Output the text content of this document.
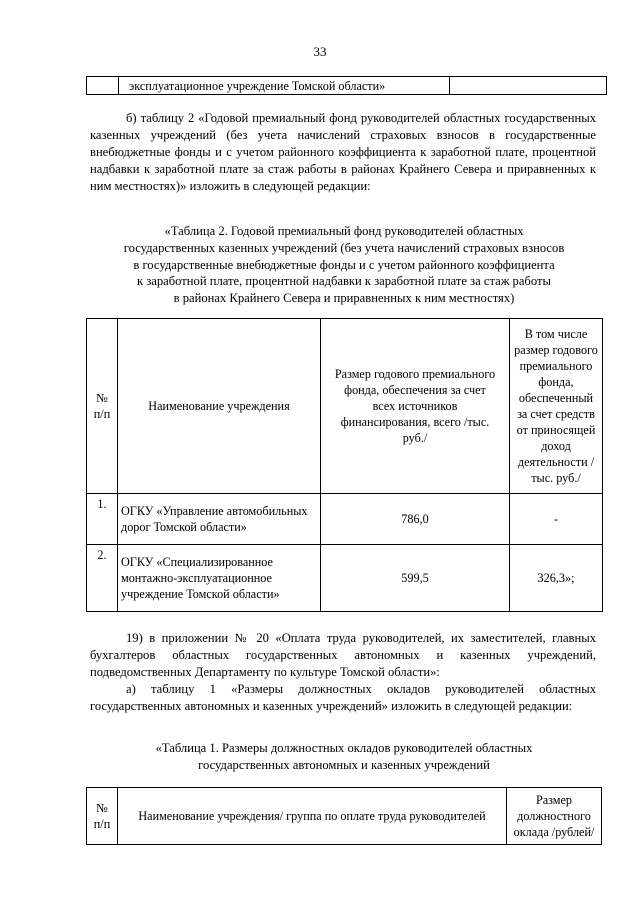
33
	эксплуатационное учреждение Томской области»	
б) таблицу 2 «Годовой премиальный фонд руководителей областных государственных казенных учреждений (без учета начислений страховых взносов в государственные внебюджетные фонды и с учетом районного коэффициента к заработной плате, процентной надбавки к заработной плате за стаж работы в районах Крайнего Севера и приравненных к ним местностях)» изложить в следующей редакции:
«Таблица 2. Годовой премиальный фонд руководителей областных
государственных казенных учреждений (без учета начислений страховых взносов
в государственные внебюджетные фонды и с учетом районного коэффициента
к заработной плате, процентной надбавки к заработной плате за стаж работы
в районах Крайнего Севера и приравненных к ним местностях)
№ п/п	Наименование учреждения	Размер годового премиального фонда, обеспечения за счет всех источников финансирования, всего /тыс. руб./	В том числе размер годового премиального фонда, обеспеченный за счет средств от приносящей доход деятельности /тыс. руб./
1.	ОГКУ «Управление автомобильных дорог Томской области»	786,0	-
2.	ОГКУ «Специализированное монтажно-эксплуатационное учреждение Томской области»	599,5	326,3»;
19) в приложении № 20 «Оплата труда руководителей, их заместителей, главных бухгалтеров областных государственных автономных и казенных учреждений, подведомственных Департаменту по культуре Томской области»:
а) таблицу 1 «Размеры должностных окладов руководителей областных государственных автономных и казенных учреждений» изложить в следующей редакции:
«Таблица 1. Размеры должностных окладов руководителей областных
государственных автономных и казенных учреждений
№ п/п	Наименование учреждения/ группа по оплате труда руководителей	Размер должностного оклада /рублей/
